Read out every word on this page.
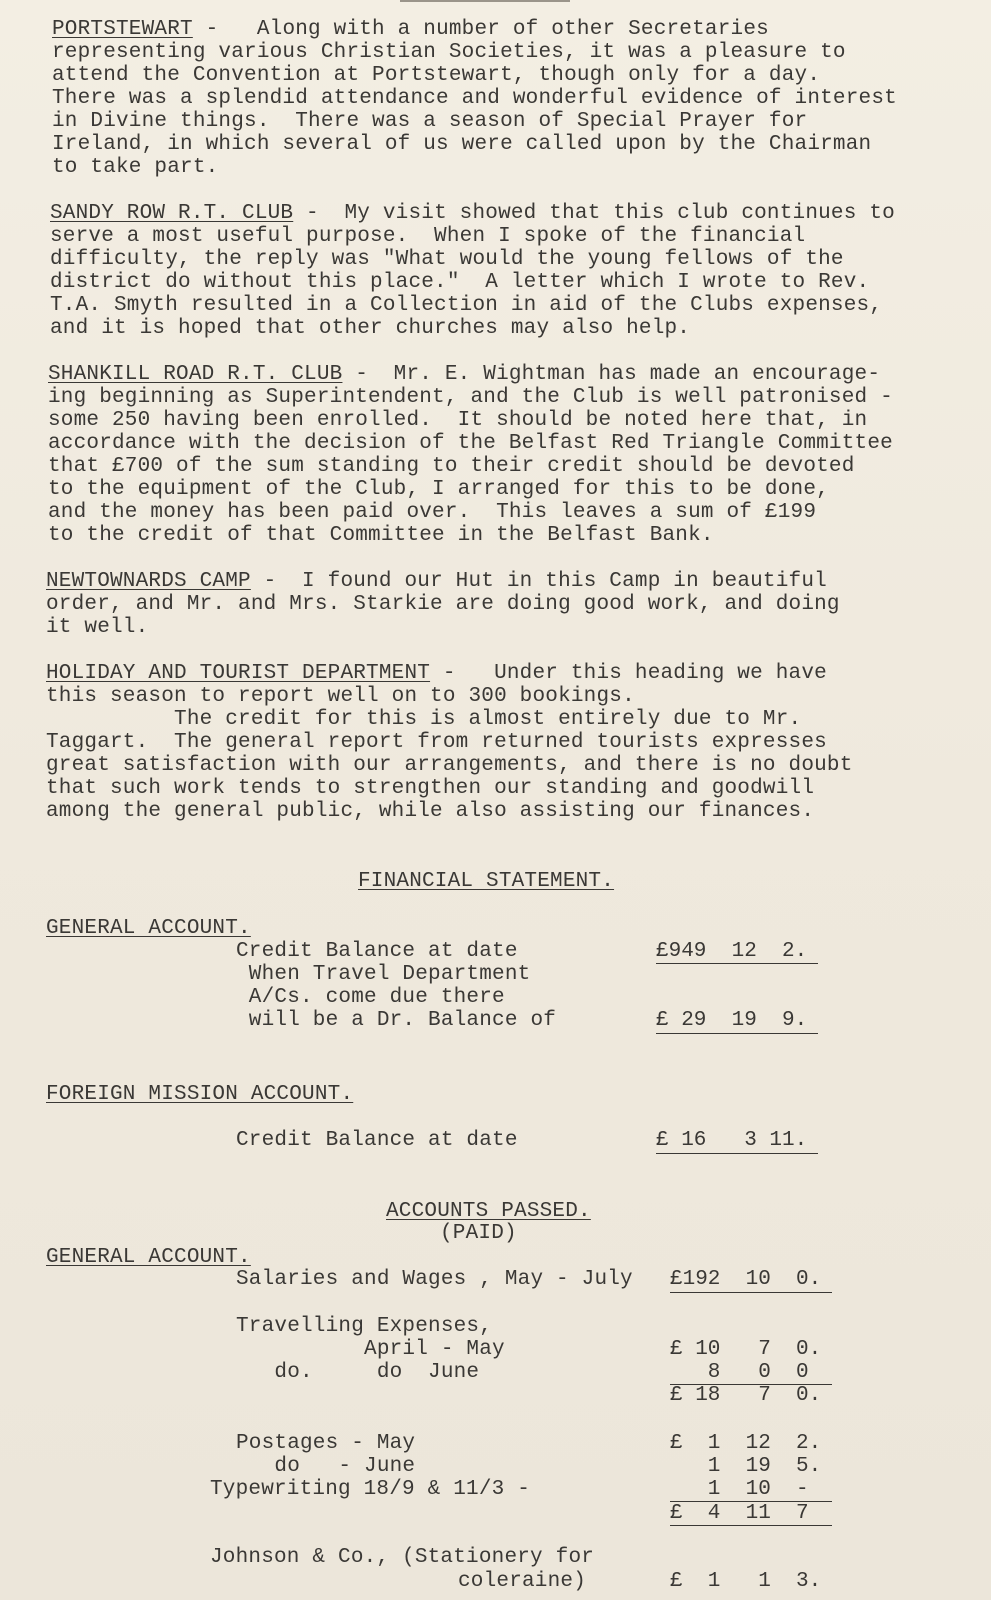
PORTSTEWART -   Along with a number of other Secretaries
representing various Christian Societies, it was a pleasure to
attend the Convention at Portstewart, though only for a day.
There was a splendid attendance and wonderful evidence of interest
in Divine things.  There was a season of Special Prayer for
Ireland, in which several of us were called upon by the Chairman
to take part.
SANDY ROW R.T. CLUB -  My visit showed that this club continues to
serve a most useful purpose.  When I spoke of the financial
difficulty, the reply was "What would the young fellows of the
district do without this place."  A letter which I wrote to Rev.
T.A. Smyth resulted in a Collection in aid of the Clubs expenses,
and it is hoped that other churches may also help.
SHANKILL ROAD R.T. CLUB -  Mr. E. Wightman has made an encourage-
ing beginning as Superintendent, and the Club is well patronised -
some 250 having been enrolled.  It should be noted here that, in
accordance with the decision of the Belfast Red Triangle Committee
that £700 of the sum standing to their credit should be devoted
to the equipment of the Club, I arranged for this to be done,
and the money has been paid over.  This leaves a sum of £199
to the credit of that Committee in the Belfast Bank.
NEWTOWNARDS CAMP -  I found our Hut in this Camp in beautiful
order, and Mr. and Mrs. Starkie are doing good work, and doing
it well.
HOLIDAY AND TOURIST DEPARTMENT -   Under this heading we have
this season to report well on to 300 bookings.
The credit for this is almost entirely due to Mr.
Taggart.  The general report from returned tourists expresses
great satisfaction with our arrangements, and there is no doubt
that such work tends to strengthen our standing and goodwill
among the general public, while also assisting our finances.
FINANCIAL STATEMENT.
GENERAL ACCOUNT.
Credit Balance at date	£949  12  2.
When Travel Department
A/Cs. come due there
will be a Dr. Balance of	£ 29  19  9.
FOREIGN MISSION ACCOUNT.
Credit Balance at date	£ 16   3 11.
ACCOUNTS PASSED.
(PAID)
GENERAL ACCOUNT.
Salaries and Wages , May - July £192  10  0.
Travelling Expenses,
April - May	£ 10   7  0.
do.     do  June	8   0  0
£ 18   7  0.
Postages - May	£  1  12  2.
do   - June	1  19  5.
Typewriting 18/9 & 11/3 -	1  10  -
£  4  11  7
Johnson & Co., (Stationery for
coleraine)	£  1   1  3.
